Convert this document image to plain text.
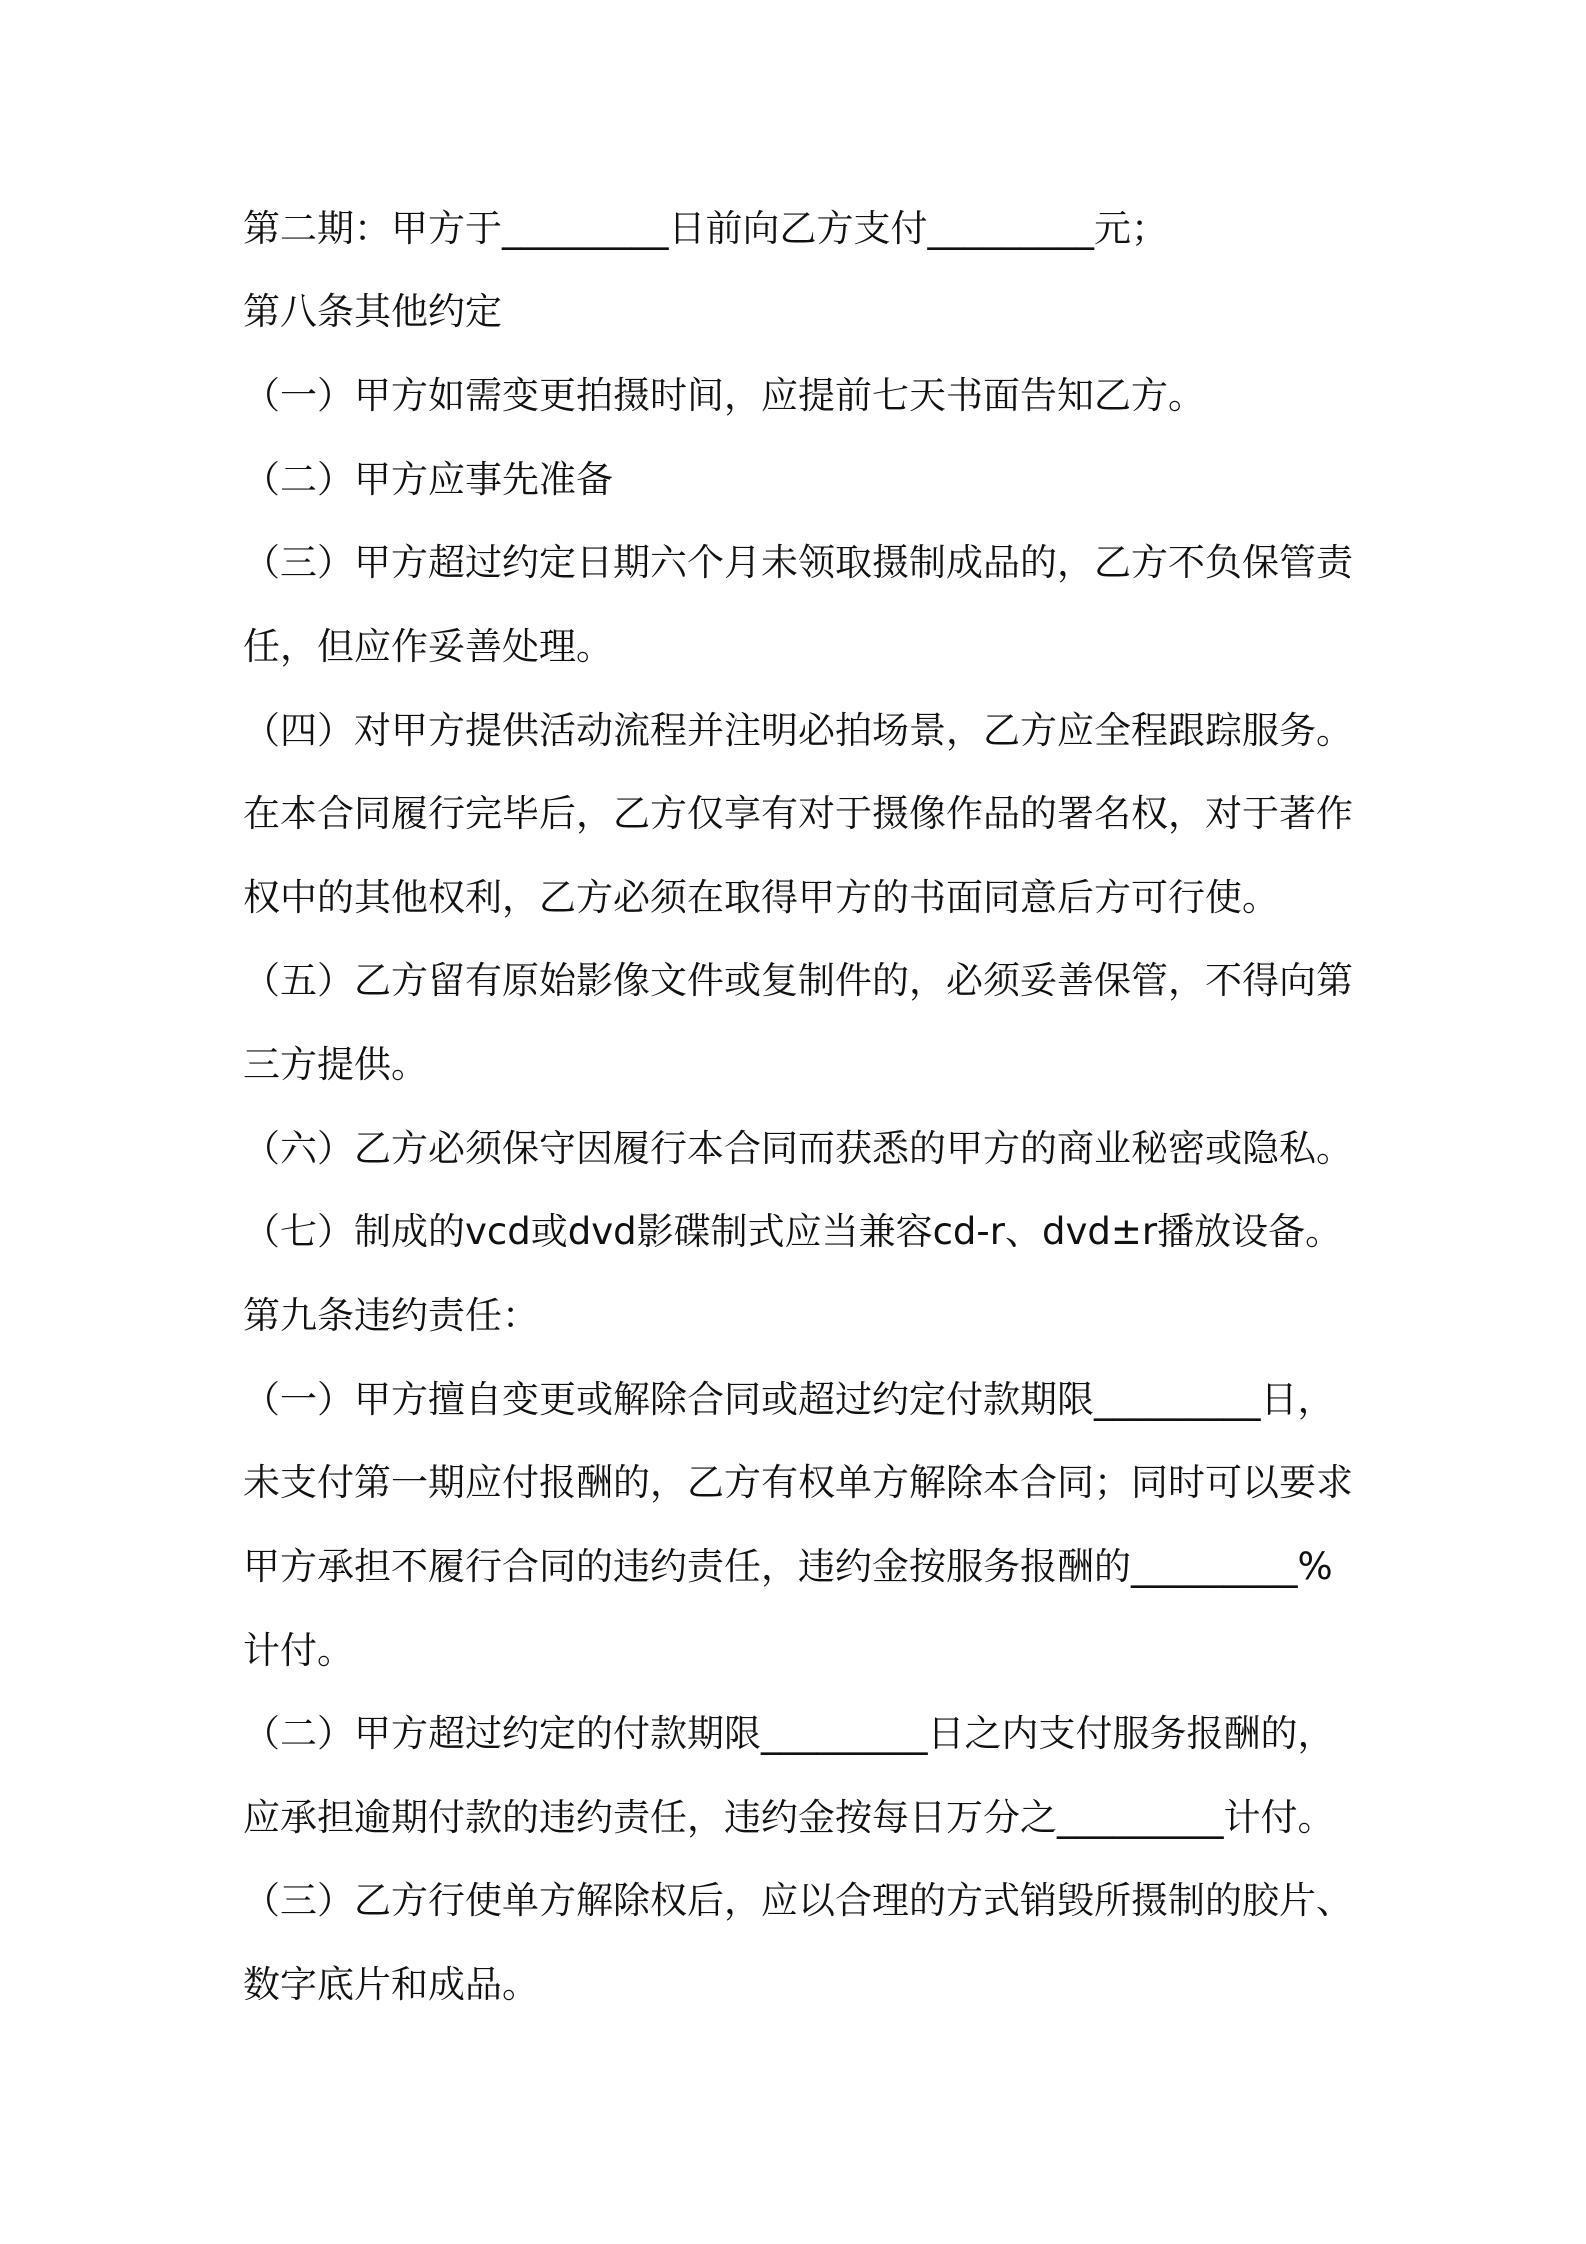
第二期：甲方于_________日前向乙方支付_________元；
第八条其他约定
（一）甲方如需变更拍摄时间，应提前七天书面告知乙方。
（二）甲方应事先准备
（三）甲方超过约定日期六个月未领取摄制成品的，乙方不负保管责
任，但应作妥善处理。
（四）对甲方提供活动流程并注明必拍场景，乙方应全程跟踪服务。
在本合同履行完毕后，乙方仅享有对于摄像作品的署名权，对于著作
权中的其他权利，乙方必须在取得甲方的书面同意后方可行使。
（五）乙方留有原始影像文件或复制件的，必须妥善保管，不得向第
三方提供。
（六）乙方必须保守因履行本合同而获悉的甲方的商业秘密或隐私。
（七）制成的vcd或dvd影碟制式应当兼容cd-r、dvd±r播放设备。
第九条违约责任：
（一）甲方擅自变更或解除合同或超过约定付款期限_________日，
未支付第一期应付报酬的，乙方有权单方解除本合同；同时可以要求
甲方承担不履行合同的违约责任，违约金按服务报酬的_________%
计付。
（二）甲方超过约定的付款期限_________日之内支付服务报酬的，
应承担逾期付款的违约责任，违约金按每日万分之_________计付。
（三）乙方行使单方解除权后，应以合理的方式销毁所摄制的胶片、
数字底片和成品。
